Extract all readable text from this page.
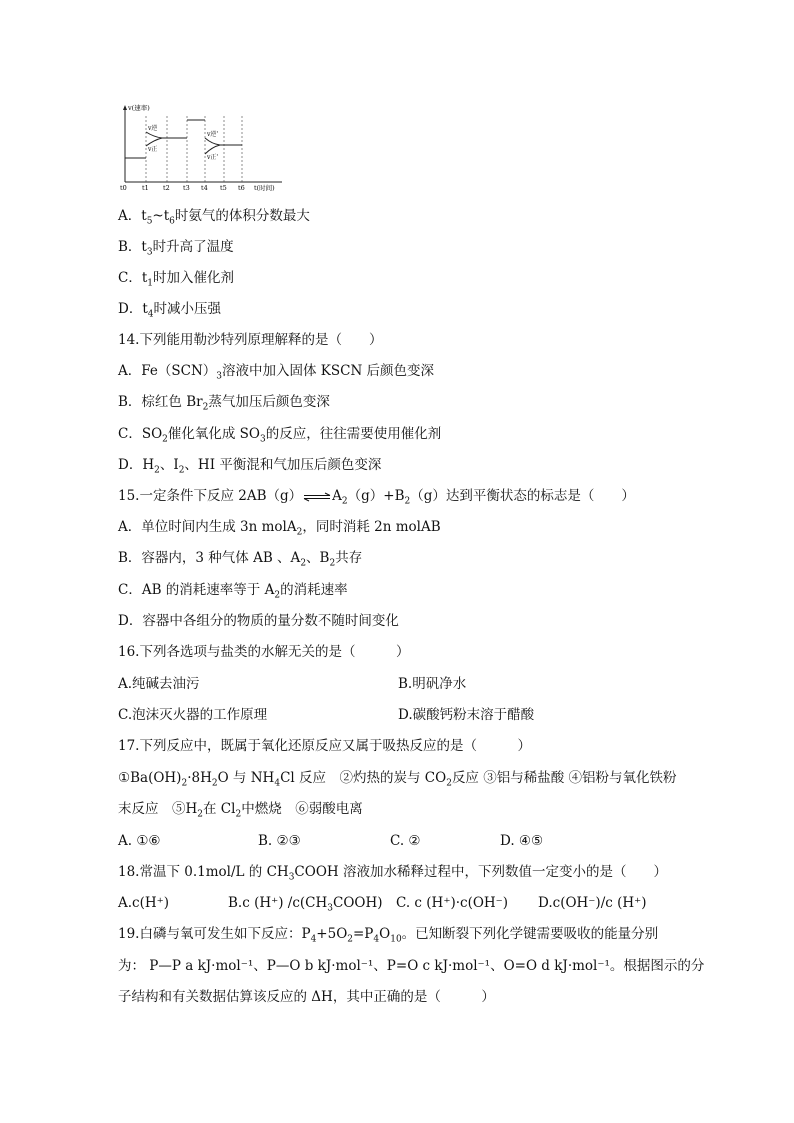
v(速率)
t(时间)
v逆
v正
v逆'
v正'
t0 t1 t2 t3 t4 t5 t6
A．$t_5\sim t_6$时氨气的体积分数最大
B．$t_3$时升高了温度
C．$t_1$时加入催化剂
D．$t_4$时减小压强
14.下列能用勒沙特列原理解释的是（　　）
A．$Fe(SCN)_3$溶液中加入固体 KSCN 后颜色变深
B．棕红色 $Br_2$蒸气加压后颜色变深
C．$SO_2$催化氧化成 $SO_3$的反应，往往需要使用催化剂
D．$H_2$、$I_2$、HI 平衡混和气加压后颜色变深
15.一定条件下反应 $2AB(g)\rightleftharpoons A_2(g)+B_2(g)$达到平衡状态的标志是（　　）
A．单位时间内生成 3n molA$_2$，同时消耗 2n molAB
B．容器内，3 种气体 AB 、$A_2$、$B_2$共存
C．AB 的消耗速率等于 $A_2$的消耗速率
D．容器中各组分的物质的量分数不随时间变化
16.下列各选项与盐类的水解无关的是（　　　）
A.纯碱去油污	B.明矾净水
C.泡沫灭火器的工作原理	D.碳酸钙粉末溶于醋酸
17.下列反应中，既属于氧化还原反应又属于吸热反应的是（　　　）
$①Ba(OH)_2\cdot 8H_2O$ 与 $NH_4Cl$ 反应　②灼热的炭与 $CO_2$反应 ③铝与稀盐酸 ④铝粉与氧化铁粉
末反应　$⑤H_2$在 $Cl_2$中燃烧　⑥弱酸电离
A. ①⑥	B. ②③	C. ②	D. ④⑤
18.常温下 0.1mol/L 的 $CH_3COOH$ 溶液加水稀释过程中，下列数值一定变小的是（　　）
A.c(H⁺)	B.c (H⁺) $/c(CH_3COOH)$ C. c (H⁺)·c(OH⁻) D.c(OH⁻)/c (H⁺)
19.白磷与氧可发生如下反应：$P_4+5O_2=P_4O_{10}$。已知断裂下列化学键需要吸收的能量分别
为： P—P a kJ·mol⁻¹、P—O b kJ·mol⁻¹、P=O c kJ·mol⁻¹、O=O d kJ·mol⁻¹。根据图示的分
子结构和有关数据估算该反应的 ΔH，其中正确的是（　　　）
